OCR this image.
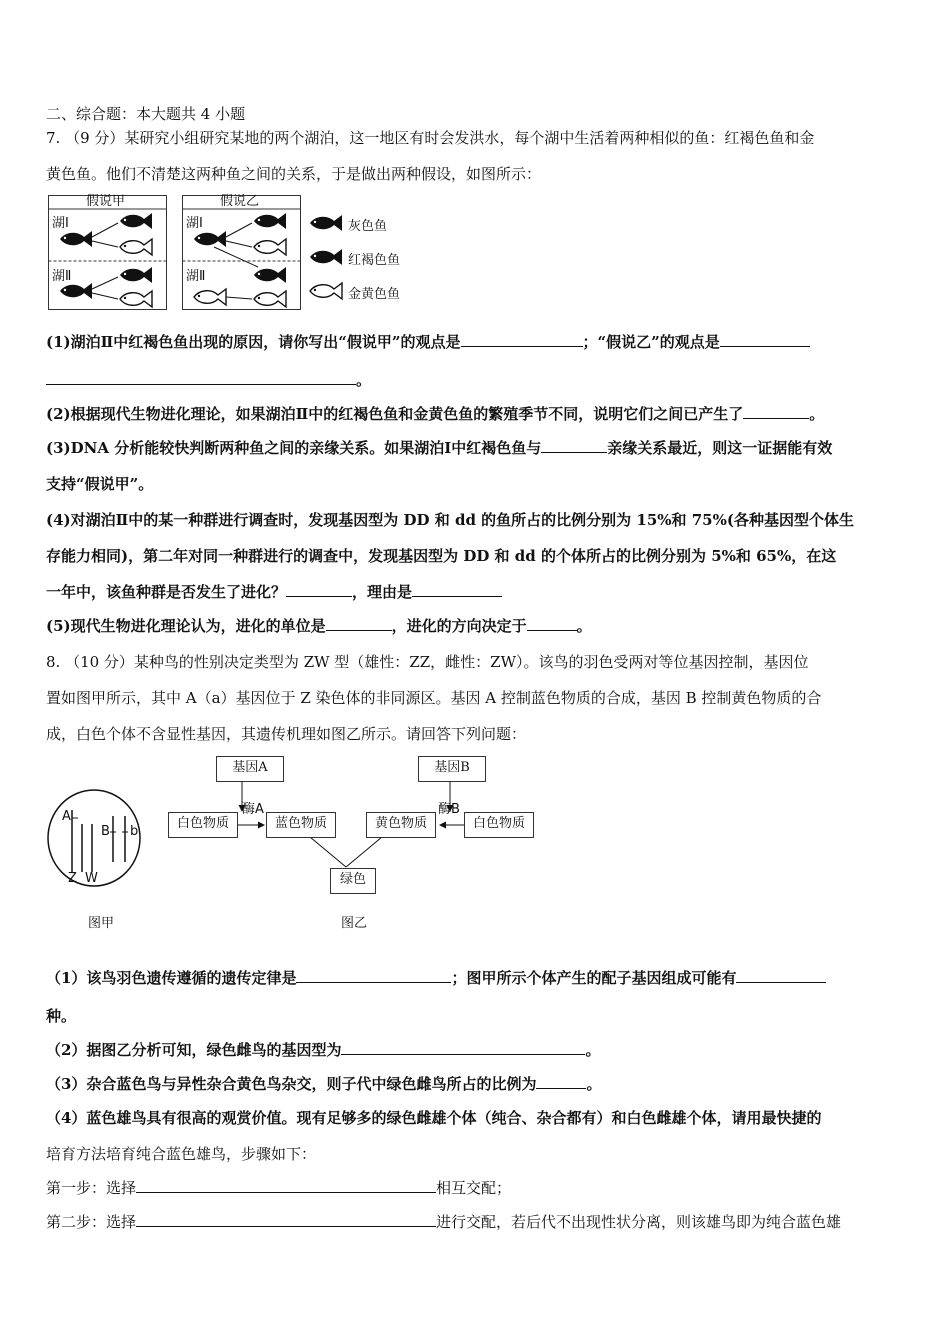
二、综合题：本大题共 4 小题
7. （9 分）某研究小组研究某地的两个湖泊，这一地区有时会发洪水，每个湖中生活着两种相似的鱼：红褐色鱼和金
黄色鱼。他们不清楚这两种鱼之间的关系，于是做出两种假设，如图所示：
假说甲	假说乙
湖Ⅰ
湖Ⅱ
湖Ⅰ
湖Ⅱ
灰色鱼
红褐色鱼
金黄色鱼
(1)湖泊Ⅱ中红褐色鱼出现的原因，请你写出“假说甲”的观点是	；“假说乙”的观点是
。
(2)根据现代生物进化理论，如果湖泊Ⅱ中的红褐色鱼和金黄色鱼的繁殖季节不同，说明它们之间已产生了	。
(3)DNA 分析能较快判断两种鱼之间的亲缘关系。如果湖泊Ⅰ中红褐色鱼与	亲缘关系最近，则这一证据能有效
支持“假说甲”。
(4)对湖泊Ⅱ中的某一种群进行调查时，发现基因型为 DD 和 dd 的鱼所占的比例分别为 15%和 75%(各种基因型个体生
存能力相同)，第二年对同一种群进行的调查中，发现基因型为 DD 和 dd 的个体所占的比例分别为 5%和 65%，在这
一年中，该鱼种群是否发生了进化？	，理由是
(5)现代生物进化理论认为，进化的单位是	，进化的方向决定于	。
8. （10 分）某种鸟的性别决定类型为 ZW 型（雄性：ZZ，雌性：ZW）。该鸟的羽色受两对等位基因控制，基因位
置如图甲所示，其中 A（a）基因位于 Z 染色体的非同源区。基因 A 控制蓝色物质的合成，基因 B 控制黄色物质的合
成，白色个体不含显性基因，其遗传机理如图乙所示。请回答下列问题：
A
B b
Z W
图甲
基因A	基因B
酶A	酶B
白色物质	蓝色物质	黄色物质	白色物质
绿色
图乙
（1）该鸟羽色遗传遵循的遗传定律是	；图甲所示个体产生的配子基因组成可能有
种。
（2）据图乙分析可知，绿色雌鸟的基因型为	。
（3）杂合蓝色鸟与异性杂合黄色鸟杂交，则子代中绿色雌鸟所占的比例为	。
（4）蓝色雄鸟具有很高的观赏价值。现有足够多的绿色雌雄个体（纯合、杂合都有）和白色雌雄个体，请用最快捷的
培育方法培育纯合蓝色雄鸟，步骤如下：
第一步：选择	相互交配；
第二步：选择	进行交配，若后代不出现性状分离，则该雄鸟即为纯合蓝色雄
